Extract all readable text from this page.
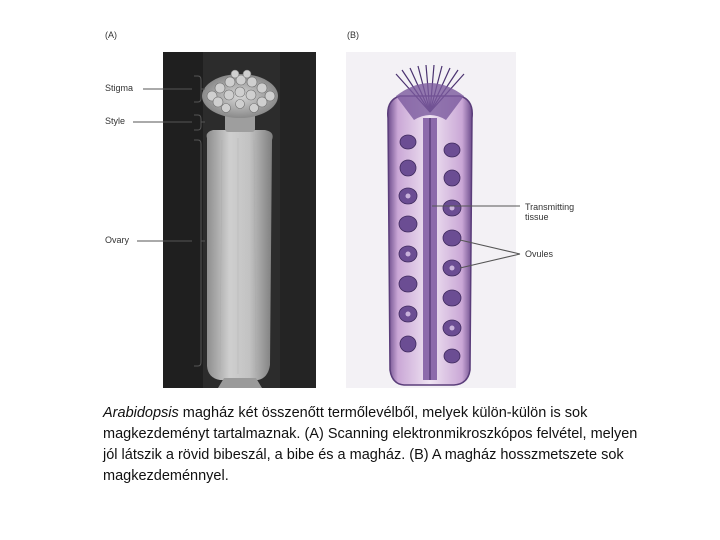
(A)	(B)
Stigma
Style
Ovary
Transmitting
tissue
Ovules
Arabidopsis magház két összenőtt termőlevélből, melyek külön-külön is sok magkezdeményt tartalmaznak. (A) Scanning elektronmikroszkópos felvétel, melyen jól látszik a rövid bibeszál, a bibe és a magház. (B) A magház hosszmetszete sok magkezdeménnyel.
